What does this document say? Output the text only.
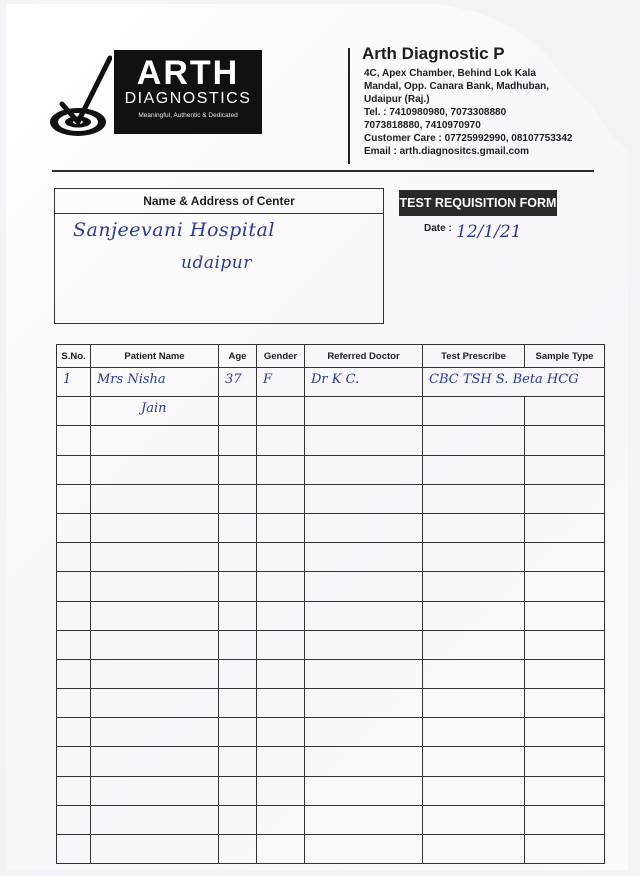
ARTH
DIAGNOSTICS
Meaningful, Authentic & Dedicated
Arth Diagnostic P
4C, Apex Chamber, Behind Lok Kala
Mandal, Opp. Canara Bank, Madhuban,
Udaipur (Raj.)
Tel. : 7410980980, 7073308880
7073818880, 7410970970
Customer Care : 07725992990, 08107753342
Email : arth.diagnositcs.gmail.com
Name & Address of Center
Sanjeevani Hospital
udaipur
TEST REQUISITION FORM
Date : 12/1/21
S.No.	Patient Name	Age	Gender	Referred Doctor	Test Prescribe	Sample Type

1	Mrs Nisha	37	F	Dr K C.	CBC TSH S. Beta HCG	

	Jain					
